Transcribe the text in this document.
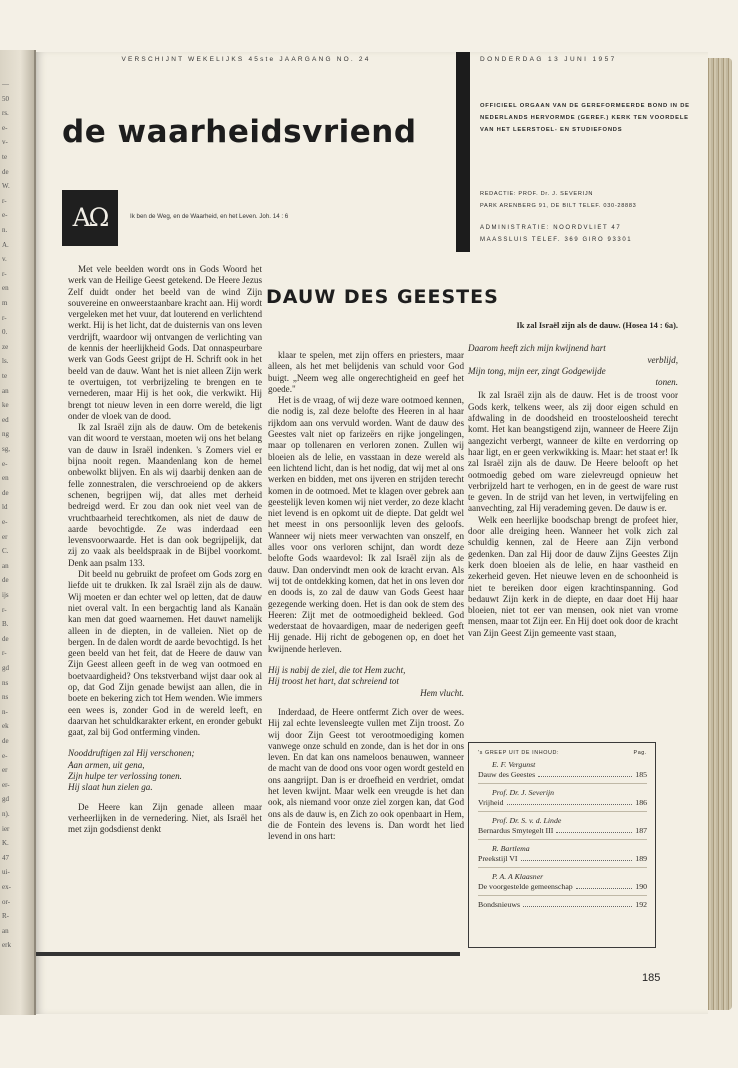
—
50
rs.
e-
v-
te
de
W.
r-
e-
n.
A.
v.
r-
en
m
r-
0.
ze
ls.
te
an
ke
ed
ng
sg,
e-
en
de
ld
e-
er
C.
an
de
ijs
r-
B.
de
r-
gd
ns
ns
n-
ek
de
e-
er
er-
gd
n).
ier
K.
47
ui-
ex-
or-
R-
an
erk
VERSCHIJNT WEKELIJKS 45ste JAARGANG NO. 24	DONDERDAG 13 JUNI 1957
de waarheidsvriend
OFFICIEEL ORGAAN VAN DE GEREFORMEERDE BOND IN DE NEDERLANDS HERVORMDE (GEREF.) KERK TEN VOORDELE VAN HET LEERSTOEL- EN STUDIEFONDS
REDACTIE: PROF. Dr. J. SEVERIJN
PARK ARENBERG 91, DE BILT TELEF. 030-28883
ADMINISTRATIE: NOORDVLIET 47
MAASSLUIS TELEF. 369 GIRO 93301
AΩ	Ik ben de Weg, en de Waarheid, en het Leven. Joh. 14 : 6
DAUW DES GEESTES

Met vele beelden wordt ons in Gods Woord het werk van de Heilige Geest getekend. De Heere Jezus Zelf duidt onder het beeld van de wind Zijn souvereine en onweerstaanbare kracht aan. Hij wordt vergeleken met het vuur, dat louterend en verlichtend werkt. Hij is het licht, dat de duisternis van ons leven verdrijft, waardoor wij ontvangen de verlichting van de kennis der heerlijkheid Gods. Dat onnaspeurbare werk van Gods Geest grijpt de H. Schrift ook in het beeld van de dauw. Want het is niet alleen Zijn werk te overtuigen, tot verbrijzeling te brengen en te vernederen, maar Hij is het ook, die verkwikt. Hij brengt tot nieuw leven in een dorre wereld, die ligt onder de vloek van de dood.

Ik zal Israël zijn als de dauw. Om de betekenis van dit woord te verstaan, moeten wij ons het belang van de dauw in Israël indenken. 's Zomers viel er bijna nooit regen. Maandenlang kon de hemel onbewolkt blijven. En als wij daarbij denken aan de felle zonnestralen, die verschroeiend op de akkers schenen, begrijpen wij, dat alles met derheid bedreigd werd. Er zou dan ook niet veel van de vruchtbaarheid terechtkomen, als niet de dauw de aarde bevochtigde. Ze was inderdaad een levensvoorwaarde. Het is dan ook begrijpelijk, dat zij zo vaak als beeldspraak in de Bijbel voorkomt. Denk aan psalm 133.

Dit beeld nu gebruikt de profeet om Gods zorg en liefde uit te drukken. Ik zal Israël zijn als de dauw. Wij moeten er dan echter wel op letten, dat de dauw niet overal valt. In een bergachtig land als Kanaän kan men dat goed waarnemen. Het dauwt namelijk alleen in de diepten, in de valleien. Niet op de bergen. In de dalen wordt de aarde bevochtigd. Is het geen beeld van het feit, dat de Heere de dauw van Zijn Geest alleen geeft in de weg van ootmoed en boetvaardigheid? Ons tekstverband wijst daar ook al op, dat God Zijn genade bewijst aan allen, die in boete en bekering zich tot Hem wenden. Wie immers een wees is, zonder God in de wereld leeft, en daarvan het schuldkarakter erkent, en eronder gebukt gaat, zal bij God ontferming vinden.

Nooddruftigen zal Hij verschonen;

Aan armen, uit gena,

Zijn hulpe ter verlossing tonen.

Hij slaat hun zielen ga.

De Heere kan Zijn genade alleen maar verheerlijken in de vernedering. Niet, als Israël het met zijn godsdienst denkt

klaar te spelen, met zijn offers en priesters, maar alleen, als het met belijdenis van schuld voor God buigt. „Neem weg alle ongerechtigheid en geef het goede."

Het is de vraag, of wij deze ware ootmoed kennen, die nodig is, zal deze belofte des Heeren in al haar rijkdom aan ons vervuld worden. Want de dauw des Geestes valt niet op farizeërs en rijke jongelingen, maar op tollenaren en verloren zonen. Zullen wij bloeien als de lelie, en vasstaan in deze wereld als een lichtend licht, dan is het nodig, dat wij met al ons werken en bidden, met ons ijveren en strijden terecht komen in de ootmoed. Met te klagen over gebrek aan geestelijk leven komen wij niet verder, zo deze klacht niet levend is en opkomt uit de diepte. Dat geldt wel het meest in ons persoonlijk leven des geloofs. Wanneer wij niets meer verwachten van onszelf, en alles voor ons verloren schijnt, dan wordt deze belofte Gods waardevol: Ik zal Israël zijn als de dauw. Dan ondervindt men ook de kracht ervan. Als wij tot de ontdekking komen, dat het in ons leven dor en doods is, zo zal de dauw van Gods Geest haar gezegende werking doen. Het is dan ook de stem des Heeren: Zijt met de ootmoedigheid bekleed. God wederstaat de hovaardigen, maar de nederigen geeft Hij genade. Hij richt de gebogenen op, en doet het kwijnende herleven.

Hij is nabij de ziel, die tot Hem zucht,

Hij troost het hart, dat schreiend tot

Hem vlucht.

Inderdaad, de Heere ontfermt Zich over de wees. Hij zal echte levensleegte vullen met Zijn troost. Zo wij door Zijn Geest tot verootmoediging komen vanwege onze schuld en zonde, dan is het dor in ons leven. En dat kan ons nameloos benauwen, wanneer de macht van de dood ons voor ogen wordt gesteld en ons aangrijpt. Dan is er droefheid en verdriet, omdat het leven kwijnt. Maar welk een vreugde is het dan ook, als niemand voor onze ziel zorgen kan, dat God ons als de dauw is, en Zich zo ook openbaart in Hem, die de Fontein des levens is. Dan wordt het lied levend in ons hart:

Ik zal Israël zijn als de dauw. (Hosea 14 : 6a).

Daarom heeft zich mijn kwijnend hart

verblijd,

Mijn tong, mijn eer, zingt Godgewijde

tonen.

Ik zal Israël zijn als de dauw. Het is de troost voor Gods kerk, telkens weer, als zij door eigen schuld en afdwaling in de doodsheid en troosteloosheid terecht komt. Het kan beangstigend zijn, wanneer de Heere Zijn aangezicht verbergt, wanneer de kilte en verdorring op haar ligt, en er geen verkwikking is. Maar: het staat er! Ik zal Israël zijn als de dauw. De Heere belooft op het ootmoedig gebed om ware zielevreugd opnieuw het verbrijzeld hart te verhogen, en in de geest de ware rust te geven. In de strijd van het leven, in vertwijfeling en aanvechting, zal Hij verademing geven. De dauw is er.

Welk een heerlijke boodschap brengt de profeet hier, door alle dreiging heen. Wanneer het volk zich zal schuldig kennen, zal de Heere aan Zijn verbond gedenken. Dan zal Hij door de dauw Zijns Geestes Zijn kerk doen bloeien als de lelie, en haar vastheid en zekerheid geven. Het nieuwe leven en de schoonheid is niet te bereiken door eigen krachtinspanning. God bedauwt Zijn kerk in de diepte, en daar doet Hij haar bloeien, niet tot eer van mensen, ook niet van vrome mensen, maar tot Zijn eer. En Hij doet ook door de kracht van Zijn Geest Zijn gemeente vast staan,

's GREEP UIT DE INHOUD:	Pag.
E. F. Vergunst
Dauw des Geestes	185
Prof. Dr. J. Severijn
Vrijheid	186
Prof. Dr. S. v. d. Linde
Bernardus Smytegelt III	187
R. Bartlema
Preekstijl VI	189
P. A. A Klaasner
De voorgestelde gemeenschap	190
Bondsnieuws	192
185
